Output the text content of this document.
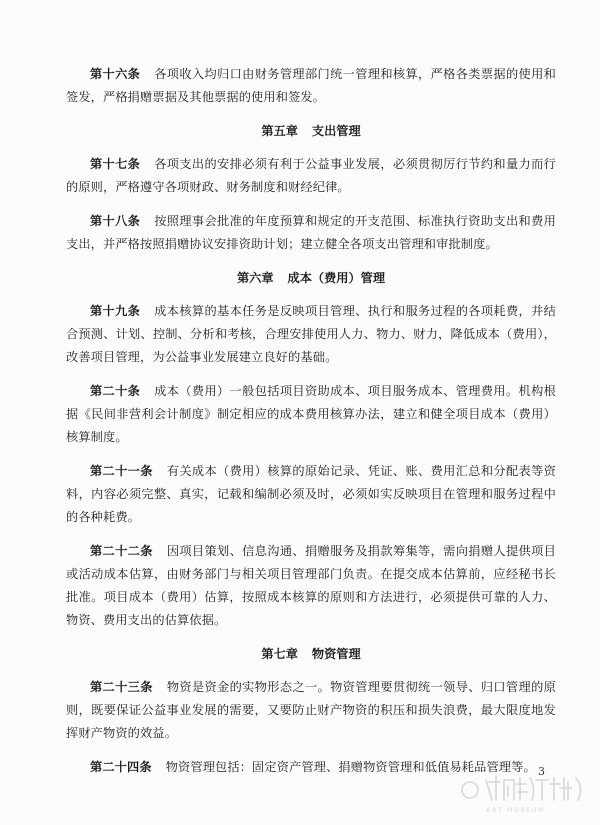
第十六条 各项收入均归口由财务管理部门统一管理和核算，严格各类票据的使用和签发，严格捐赠票据及其他票据的使用和签发。

第五章 支出管理

第十七条 各项支出的安排必须有利于公益事业发展，必须贯彻厉行节约和量力而行的原则，严格遵守各项财政、财务制度和财经纪律。

第十八条 按照理事会批准的年度预算和规定的开支范围、标准执行资助支出和费用支出，并严格按照捐赠协议安排资助计划；建立健全各项支出管理和审批制度。

第六章 成本（费用）管理

第十九条 成本核算的基本任务是反映项目管理、执行和服务过程的各项耗费，并结合预测、计划、控制、分析和考核，合理安排使用人力、物力、财力，降低成本（费用），改善项目管理，为公益事业发展建立良好的基础。

第二十条 成本（费用）一般包括项目资助成本、项目服务成本、管理费用。机构根据《民间非营利会计制度》制定相应的成本费用核算办法，建立和健全项目成本（费用）核算制度。

第二十一条 有关成本（费用）核算的原始记录、凭证、账、费用汇总和分配表等资料，内容必须完整、真实，记载和编制必须及时，必须如实反映项目在管理和服务过程中的各种耗费。

第二十二条 因项目策划、信息沟通、捐赠服务及捐款筹集等，需向捐赠人提供项目或活动成本估算，由财务部门与相关项目管理部门负责。在提交成本估算前，应经秘书长批准。项目成本（费用）估算，按照成本核算的原则和方法进行，必须提供可靠的人力、物资、费用支出的估算依据。

第七章 物资管理

第二十三条 物资是资金的实物形态之一。物资管理要贯彻统一领导、归口管理的原则，既要保证公益事业发展的需要，又要防止财产物资的积压和损失浪费，最大限度地发挥财产物资的效益。

第二十四条 物资管理包括：固定资产管理、捐赠物资管理和低值易耗品管理等。 3
ART MUSEUM
